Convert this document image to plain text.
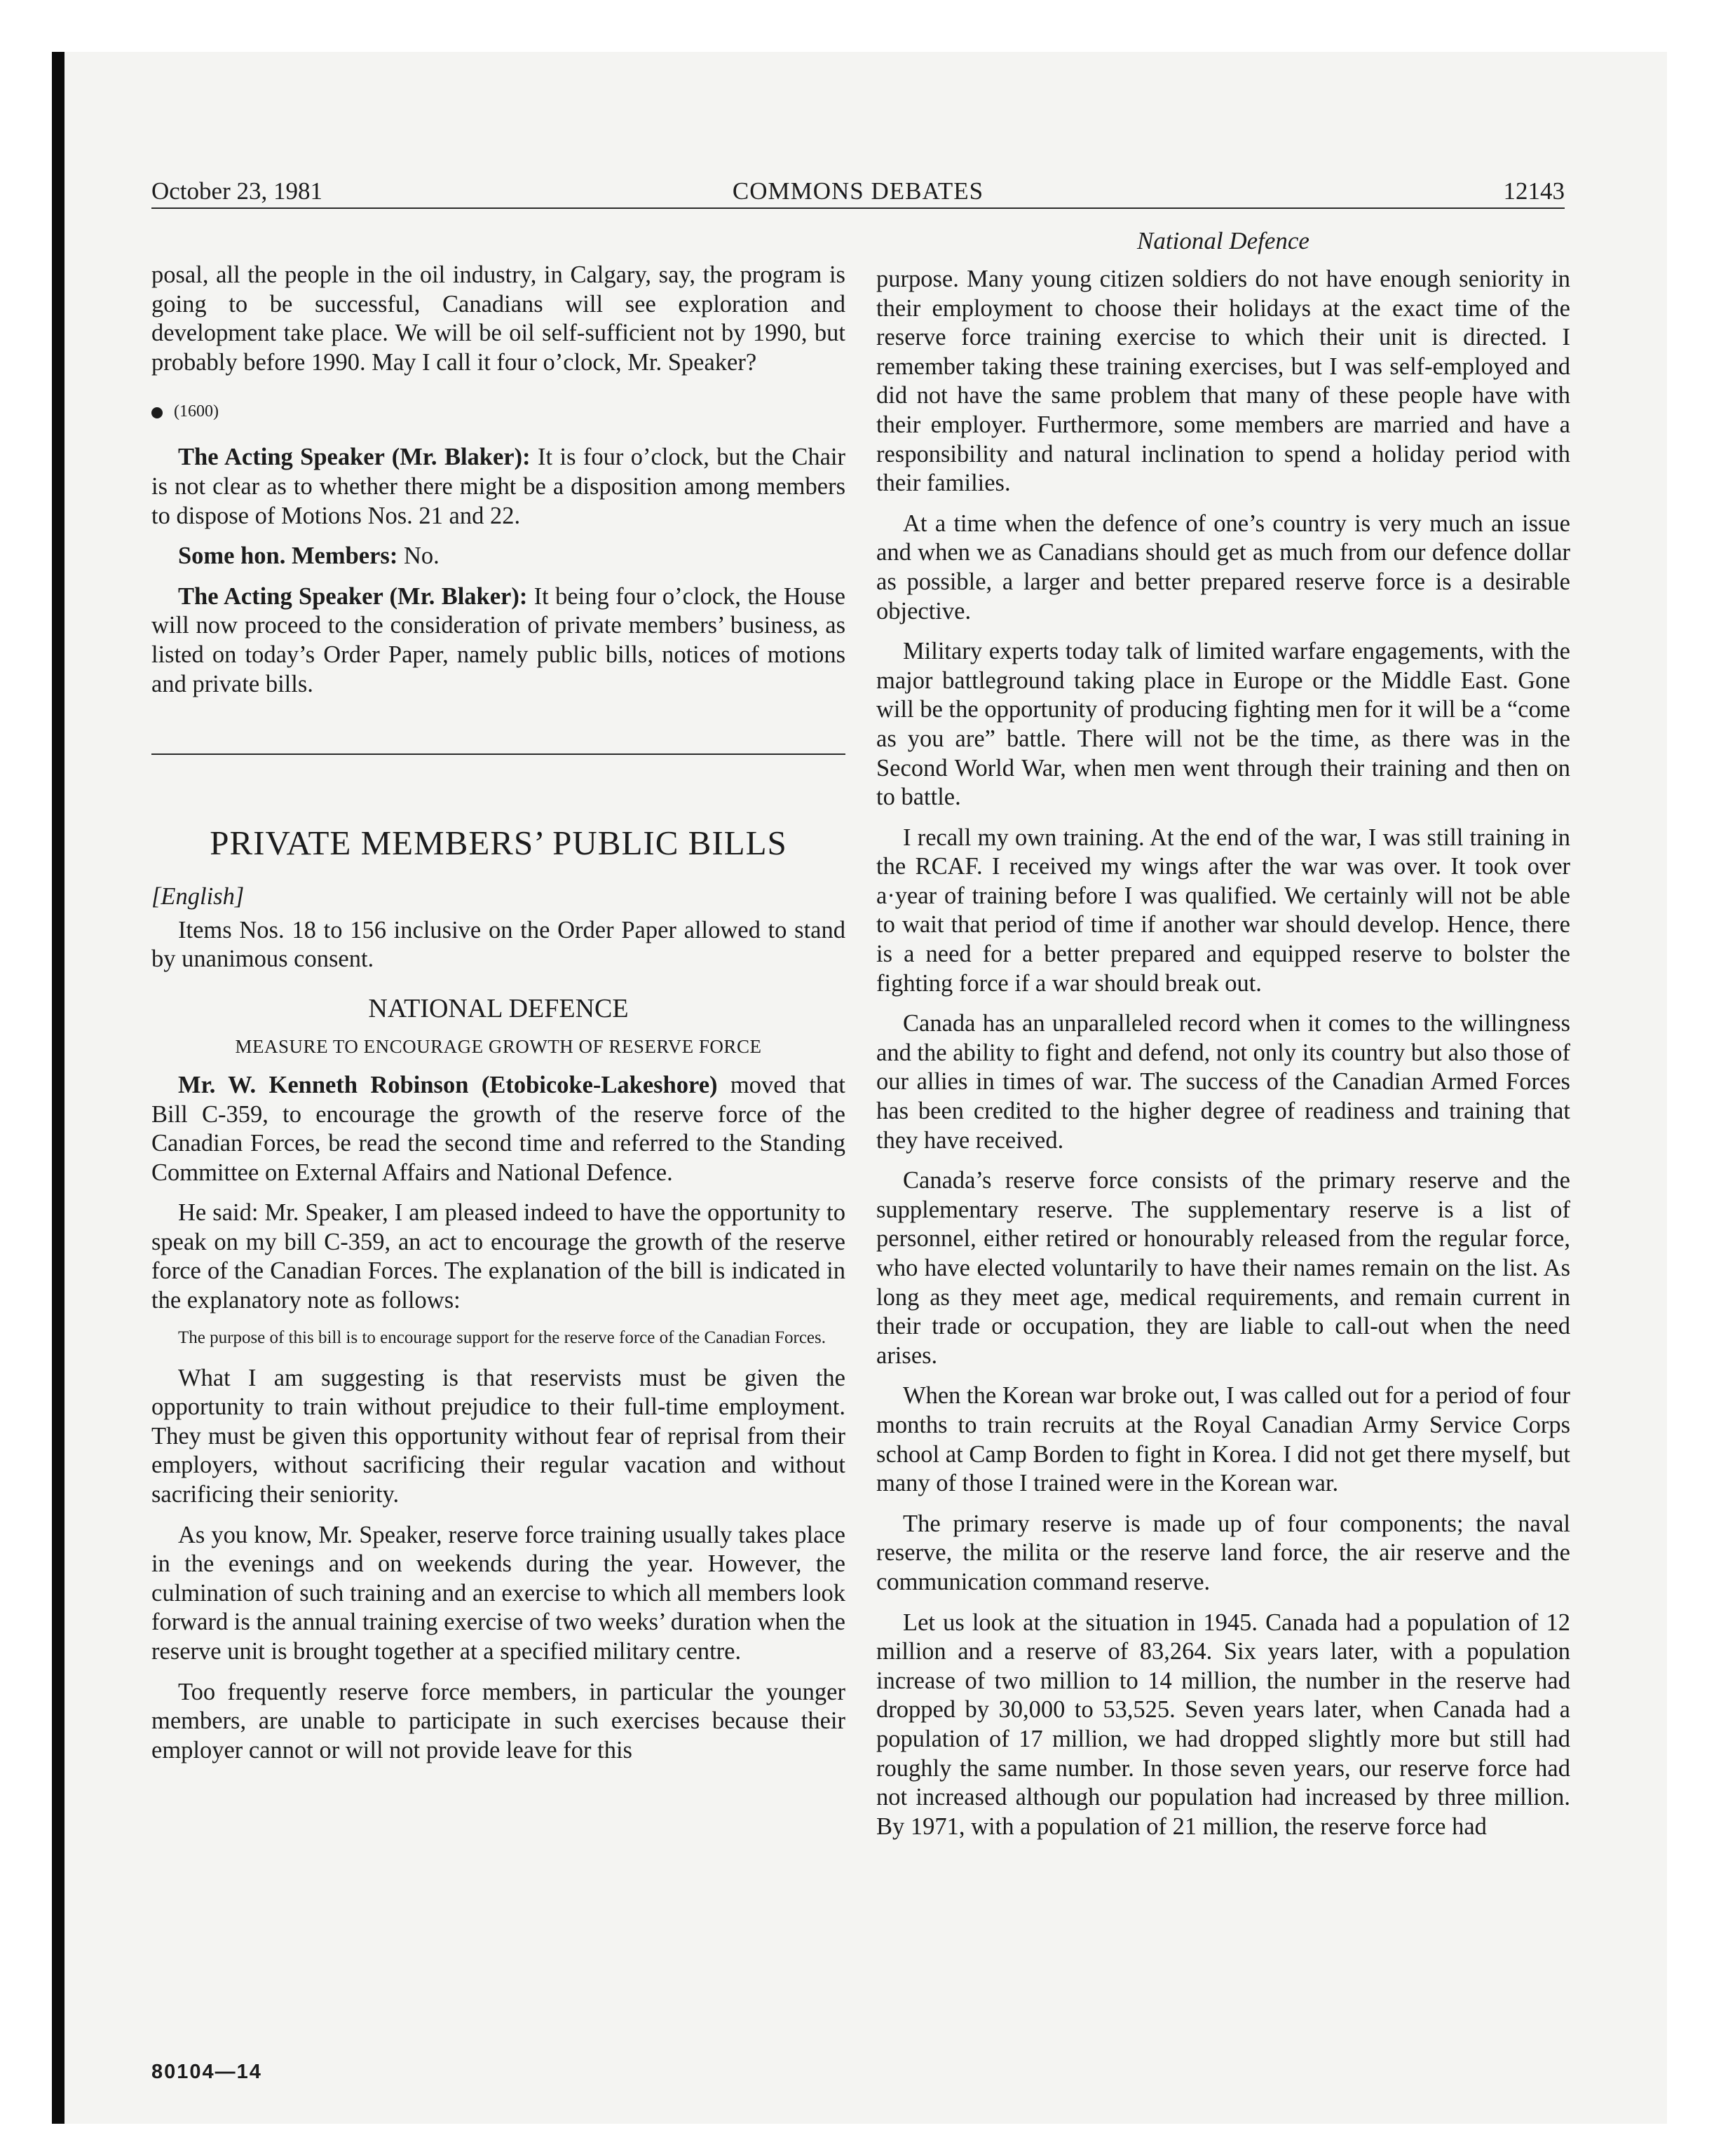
October 23, 1981	COMMONS DEBATES	12143
National Defence

posal, all the people in the oil industry, in Calgary, say, the program is going to be successful, Canadians will see exploration and development take place. We will be oil self-sufficient not by 1990, but probably before 1990. May I call it four o’clock, Mr. Speaker?

(1600)

The Acting Speaker (Mr. Blaker): It is four o’clock, but the Chair is not clear as to whether there might be a disposition among members to dispose of Motions Nos. 21 and 22.

Some hon. Members: No.

The Acting Speaker (Mr. Blaker): It being four o’clock, the House will now proceed to the consideration of private members’ business, as listed on today’s Order Paper, namely public bills, notices of motions and private bills.

PRIVATE MEMBERS’ PUBLIC BILLS

[English]

Items Nos. 18 to 156 inclusive on the Order Paper allowed to stand by unanimous consent.

NATIONAL DEFENCE

MEASURE TO ENCOURAGE GROWTH OF RESERVE FORCE

Mr. W. Kenneth Robinson (Etobicoke-Lakeshore) moved that Bill C-359, to encourage the growth of the reserve force of the Canadian Forces, be read the second time and referred to the Standing Committee on External Affairs and National Defence.

He said: Mr. Speaker, I am pleased indeed to have the opportunity to speak on my bill C-359, an act to encourage the growth of the reserve force of the Canadian Forces. The explanation of the bill is indicated in the explanatory note as follows:

The purpose of this bill is to encourage support for the reserve force of the Canadian Forces.

What I am suggesting is that reservists must be given the opportunity to train without prejudice to their full-time employment. They must be given this opportunity without fear of reprisal from their employers, without sacrificing their regular vacation and without sacrificing their seniority.

As you know, Mr. Speaker, reserve force training usually takes place in the evenings and on weekends during the year. However, the culmination of such training and an exercise to which all members look forward is the annual training exercise of two weeks’ duration when the reserve unit is brought together at a specified military centre.

Too frequently reserve force members, in particular the younger members, are unable to participate in such exercises because their employer cannot or will not provide leave for this

purpose. Many young citizen soldiers do not have enough seniority in their employment to choose their holidays at the exact time of the reserve force training exercise to which their unit is directed. I remember taking these training exercises, but I was self-employed and did not have the same problem that many of these people have with their employer. Furthermore, some members are married and have a responsibility and natural inclination to spend a holiday period with their families.

At a time when the defence of one’s country is very much an issue and when we as Canadians should get as much from our defence dollar as possible, a larger and better prepared reserve force is a desirable objective.

Military experts today talk of limited warfare engagements, with the major battleground taking place in Europe or the Middle East. Gone will be the opportunity of producing fighting men for it will be a “come as you are” battle. There will not be the time, as there was in the Second World War, when men went through their training and then on to battle.

I recall my own training. At the end of the war, I was still training in the RCAF. I received my wings after the war was over. It took over a·year of training before I was qualified. We certainly will not be able to wait that period of time if another war should develop. Hence, there is a need for a better prepared and equipped reserve to bolster the fighting force if a war should break out.

Canada has an unparalleled record when it comes to the willingness and the ability to fight and defend, not only its country but also those of our allies in times of war. The success of the Canadian Armed Forces has been credited to the higher degree of readiness and training that they have received.

Canada’s reserve force consists of the primary reserve and the supplementary reserve. The supplementary reserve is a list of personnel, either retired or honourably released from the regular force, who have elected voluntarily to have their names remain on the list. As long as they meet age, medical requirements, and remain current in their trade or occupation, they are liable to call-out when the need arises.

When the Korean war broke out, I was called out for a period of four months to train recruits at the Royal Canadian Army Service Corps school at Camp Borden to fight in Korea. I did not get there myself, but many of those I trained were in the Korean war.

The primary reserve is made up of four components; the naval reserve, the milita or the reserve land force, the air reserve and the communication command reserve.

Let us look at the situation in 1945. Canada had a population of 12 million and a reserve of 83,264. Six years later, with a population increase of two million to 14 million, the number in the reserve had dropped by 30,000 to 53,525. Seven years later, when Canada had a population of 17 million, we had dropped slightly more but still had roughly the same number. In those seven years, our reserve force had not increased although our population had increased by three million. By 1971, with a population of 21 million, the reserve force had

80104—14
